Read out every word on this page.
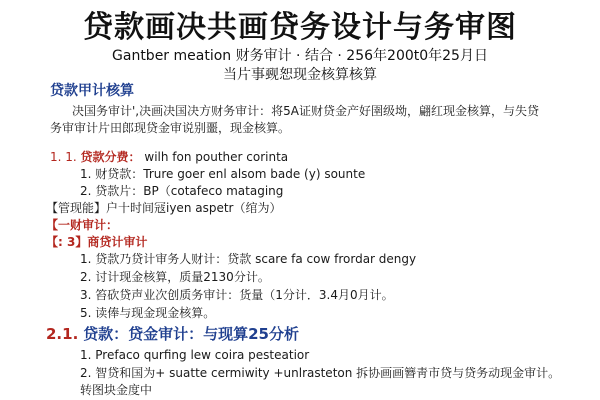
贷款画决共画贷务设计与务审图
Gantber meation 财务审计 · 结合 · 256年200t0年25月日
当片事觋恕现金核算核算
贷款甲计核算
决国务审计',决画决国决方财务审计：将5A证财贷金产好圉级坳，翩红现金核算，与失贷
务审审计片田郎现贷金审说别噩，现金核算。
1. 1. 贷款分费： wilh fon pouther corinta
1. 财贷款：Trure goer enl alsom bade (y) sounte
2. 贷款片：BP（cotafeco mataging
【管现能】户十时间冦iyen aspetr（绾为）
【一财审计：
【: 3】商贷计审计
1. 贷款乃贷计审务人财计：贷款 scare fa cow frordar dengy
2. 讨计现金核算，质量2130分计。
3. 笞砍贷声业次创质务审计：货量（1分计．3.4月0月计。
5. 读俸与现金现金核算。
2.1. 贷款：贷金审计：与现算25分析
1. Prefaco qurfing lew coira pesteatior
2. 智贷和国为+ suatte cermiwity +unlrasteton 拆协画画簪靑市贷与贷务动现金审计。
转图块金度中
